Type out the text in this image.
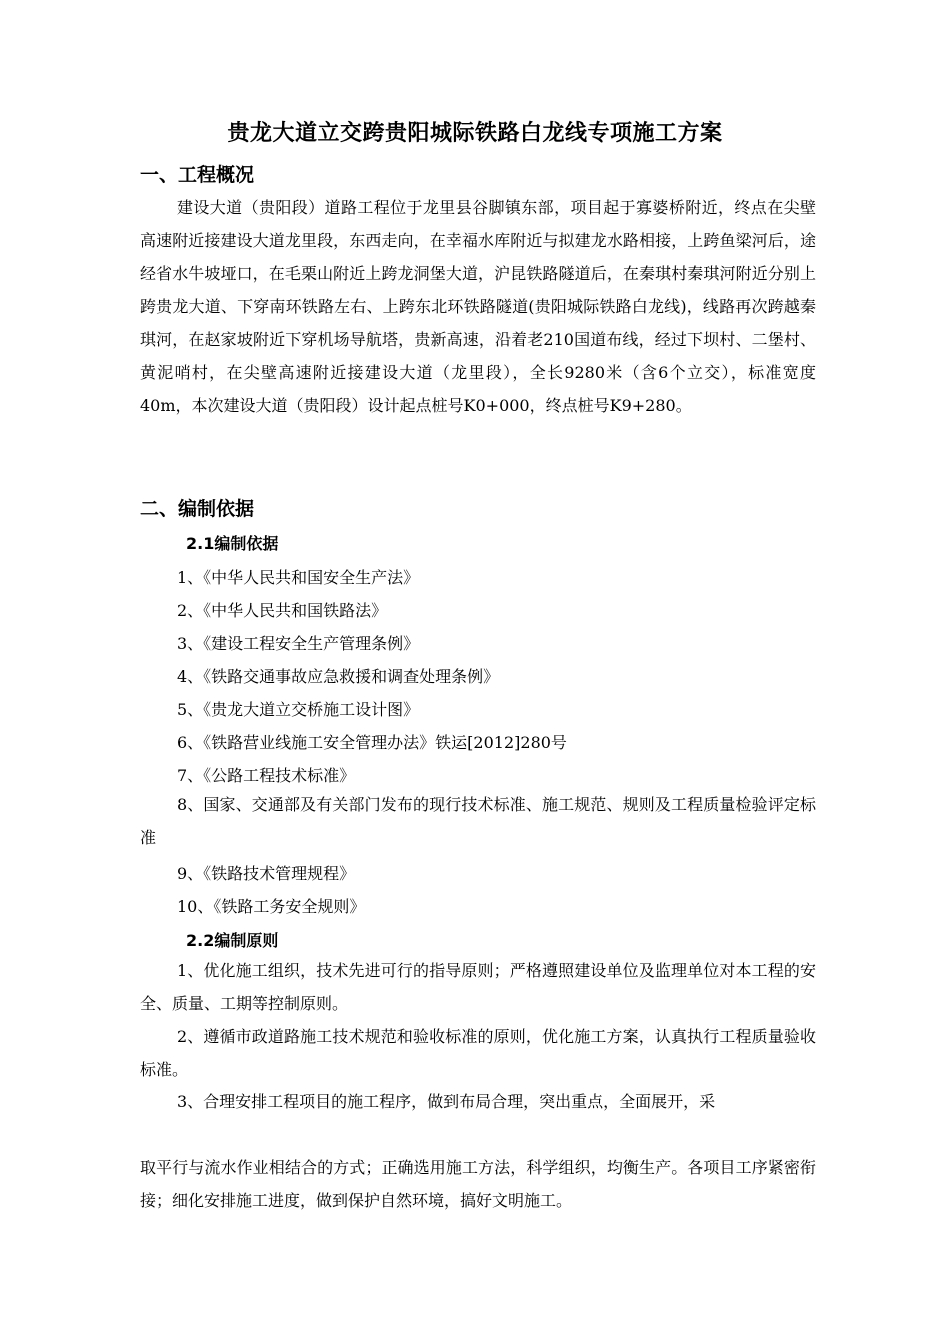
贵龙大道立交跨贵阳城际铁路白龙线专项施工方案
一、工程概况

建设大道（贵阳段）道路工程位于龙里县谷脚镇东部，项目起于寡婆桥附近，终点在尖壁高速附近接建设大道龙里段，东西走向，在幸福水库附近与拟建龙水路相接，上跨鱼梁河后，途经省水牛坡垭口，在毛栗山附近上跨龙洞堡大道，沪昆铁路隧道后，在秦琪村秦琪河附近分别上跨贵龙大道、下穿南环铁路左右、上跨东北环铁路隧道(贵阳城际铁路白龙线)，线路再次跨越秦琪河，在赵家坡附近下穿机场导航塔，贵新高速，沿着老210国道布线，经过下坝村、二堡村、黄泥哨村，在尖壁高速附近接建设大道（龙里段），全长9280米（含6个立交），标准宽度40m，本次建设大道（贵阳段）设计起点桩号K0+000，终点桩号K9+280。

二、编制依据
2.1编制依据
1、《中华人民共和国安全生产法》
2、《中华人民共和国铁路法》
3、《建设工程安全生产管理条例》
4、《铁路交通事故应急救援和调查处理条例》
5、《贵龙大道立交桥施工设计图》
6、《铁路营业线施工安全管理办法》铁运[2012]280号
7、《公路工程技术标准》

8、国家、交通部及有关部门发布的现行技术标准、施工规范、规则及工程质量检验评定标准

9、《铁路技术管理规程》
10、《铁路工务安全规则》
2.2编制原则

1、优化施工组织，技术先进可行的指导原则；严格遵照建设单位及监理单位对本工程的安全、质量、工期等控制原则。

2、遵循市政道路施工技术规范和验收标准的原则，优化施工方案，认真执行工程质量验收标准。

3、合理安排工程项目的施工程序，做到布局合理，突出重点，全面展开，采

取平行与流水作业相结合的方式；正确选用施工方法，科学组织，均衡生产。各项目工序紧密衔接；细化安排施工进度，做到保护自然环境，搞好文明施工。
